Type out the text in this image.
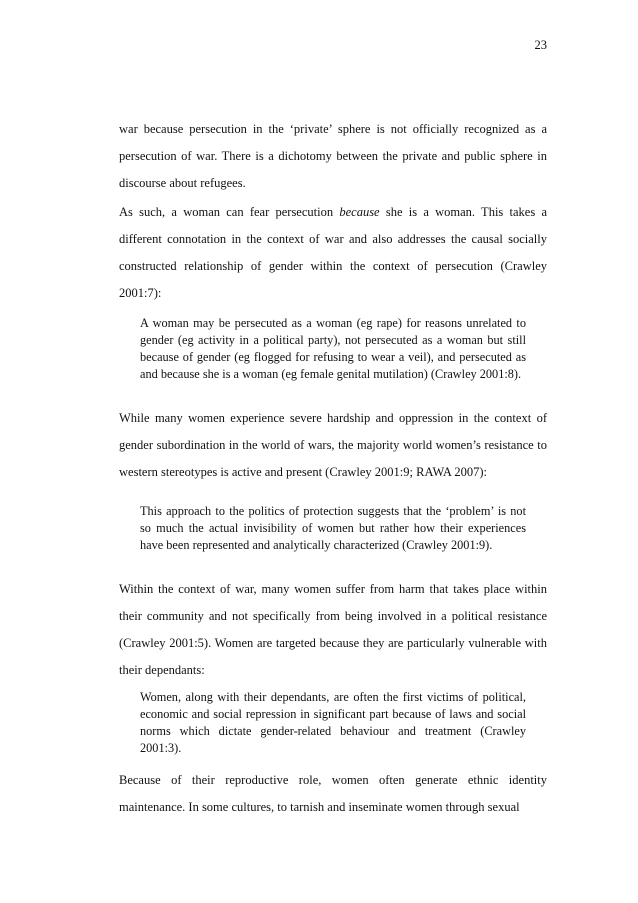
23

war because persecution in the ‘private’ sphere is not officially recognized as a persecution of war. There is a dichotomy between the private and public sphere in discourse about refugees.

As such, a woman can fear persecution because she is a woman. This takes a different connotation in the context of war and also addresses the causal socially constructed relationship of gender within the context of persecution (Crawley 2001:7):

A woman may be persecuted as a woman (eg rape) for reasons unrelated to gender (eg activity in a political party), not persecuted as a woman but still because of gender (eg flogged for refusing to wear a veil), and persecuted as and because she is a woman (eg female genital mutilation) (Crawley 2001:8).

While many women experience severe hardship and oppression in the context of gender subordination in the world of wars, the majority world women’s resistance to western stereotypes is active and present (Crawley 2001:9; RAWA 2007):

This approach to the politics of protection suggests that the ‘problem’ is not so much the actual invisibility of women but rather how their experiences have been represented and analytically characterized (Crawley 2001:9).

Within the context of war, many women suffer from harm that takes place within their community and not specifically from being involved in a political resistance (Crawley 2001:5). Women are targeted because they are particularly vulnerable with their dependants:

Women, along with their dependants, are often the first victims of political, economic and social repression in significant part because of laws and social norms which dictate gender-related behaviour and treatment (Crawley 2001:3).

Because of their reproductive role, women often generate ethnic identity maintenance. In some cultures, to tarnish and inseminate women through sexual
